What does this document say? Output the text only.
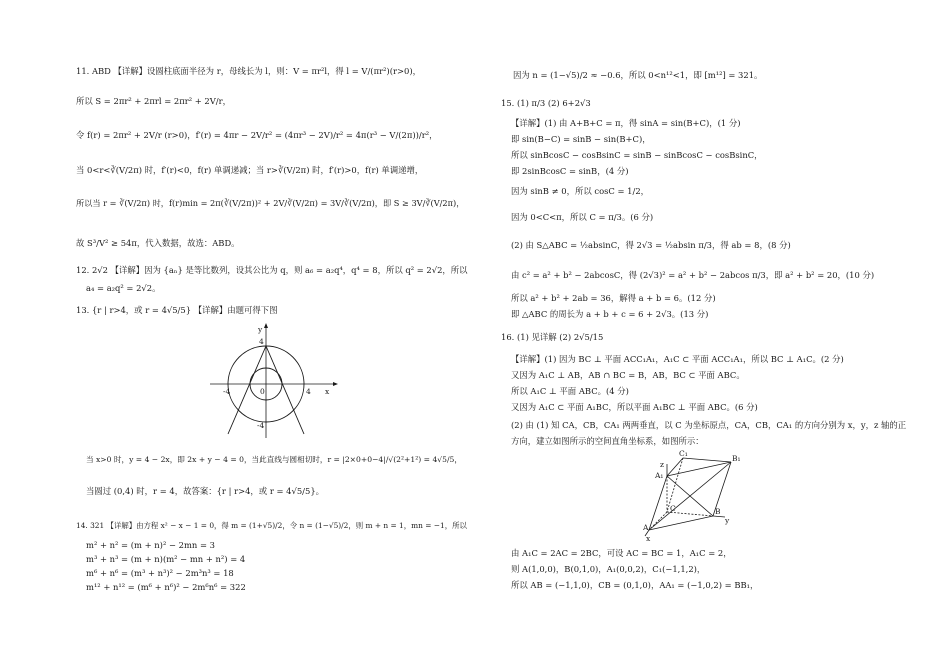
11. ABD 【详解】设圆柱底面半径为 r，母线长为 l，则：V = πr²l，得 l = V/(πr²)(r>0)，
所以 S = 2πr² + 2πrl = 2πr² + 2V/r，
令 f(r) = 2πr² + 2V/r (r>0)，f′(r) = 4πr − 2V/r² = (4πr³ − 2V)/r² = 4π(r³ − V/(2π))/r²，
当 0<r<∛(V/2π) 时，f′(r)<0，f(r) 单调递减；当 r>∛(V/2π) 时，f′(r)>0，f(r) 单调递增，
所以当 r = ∛(V/2π) 时，f(r)min = 2π(∛(V/2π))² + 2V/∛(V/2π) = 3V/∛(V/2π)，即 S ≥ 3V/∛(V/2π)，
故 S³/V² ≥ 54π，代入数据，故选：ABD。
12. 2√2 【详解】因为 {aₙ} 是等比数列，设其公比为 q，则 a₆ = a₂q⁴，q⁴ = 8，所以 q² = 2√2，所以
a₄ = a₂q² = 2√2。
13. {r | r>4，或 r = 4√5/5} 【详解】由题可得下图
x
y
0
-4	4
4
-4
当 x>0 时，y = 4 − 2x，即 2x + y − 4 = 0，当此直线与圆相切时，r = |2×0+0−4|/√(2²+1²) = 4√5/5，
当圆过 (0,4) 时，r = 4，故答案：{r | r>4，或 r = 4√5/5}。
14. 321 【详解】由方程 x² − x − 1 = 0，得 m = (1+√5)/2，令 n = (1−√5)/2，则 m + n = 1，mn = −1，所以
m² + n² = (m + n)² − 2mn = 3
m³ + n³ = (m + n)(m² − mn + n²) = 4
m⁶ + n⁶ = (m³ + n³)² − 2m³n³ = 18
m¹² + n¹² = (m⁶ + n⁶)² − 2m⁶n⁶ = 322
因为 n = (1−√5)/2 ≈ −0.6，所以 0<n¹²<1，即 [m¹²] = 321。
15. (1) π/3 (2) 6+2√3
【详解】(1) 由 A+B+C = π，得 sinA = sin(B+C)，(1 分)
即 sin(B−C) = sinB − sin(B+C)，
所以 sinBcosC − cosBsinC = sinB − sinBcosC − cosBsinC，
即 2sinBcosC = sinB，(4 分)
因为 sinB ≠ 0，所以 cosC = 1/2，
因为 0<C<π，所以 C = π/3。(6 分)
(2) 由 S△ABC = ½absinC，得 2√3 = ½absin π/3，得 ab = 8，(8 分)
由 c² = a² + b² − 2abcosC，得 (2√3)² = a² + b² − 2abcos π/3，即 a² + b² = 20，(10 分)
所以 a² + b² + 2ab = 36，解得 a + b = 6。(12 分)
即 △ABC 的周长为 a + b + c = 6 + 2√3。(13 分)
16. (1) 见详解 (2) 2√5/15
【详解】(1) 因为 BC ⊥ 平面 ACC₁A₁，A₁C ⊂ 平面 ACC₁A₁，所以 BC ⊥ A₁C。(2 分)
又因为 A₁C ⊥ AB，AB ∩ BC = B，AB，BC ⊂ 平面 ABC。
所以 A₁C ⊥ 平面 ABC。(4 分)
又因为 A₁C ⊂ 平面 A₁BC，所以平面 A₁BC ⊥ 平面 ABC。(6 分)
(2) 由 (1) 知 CA，CB，CA₁ 两两垂直，以 C 为坐标原点，CA，CB，CA₁ 的方向分别为 x，y，z 轴的正
方向，建立如图所示的空间直角坐标系，如图所示：
C₁
B₁
A₁
z
C	B
y
A
x
由 A₁C = 2AC = 2BC，可设 AC = BC = 1，A₁C = 2，
则 A(1,0,0)，B(0,1,0)，A₁(0,0,2)，C₁(−1,1,2)，
所以 AB = (−1,1,0)，CB = (0,1,0)，AA₁ = (−1,0,2) = BB₁，
